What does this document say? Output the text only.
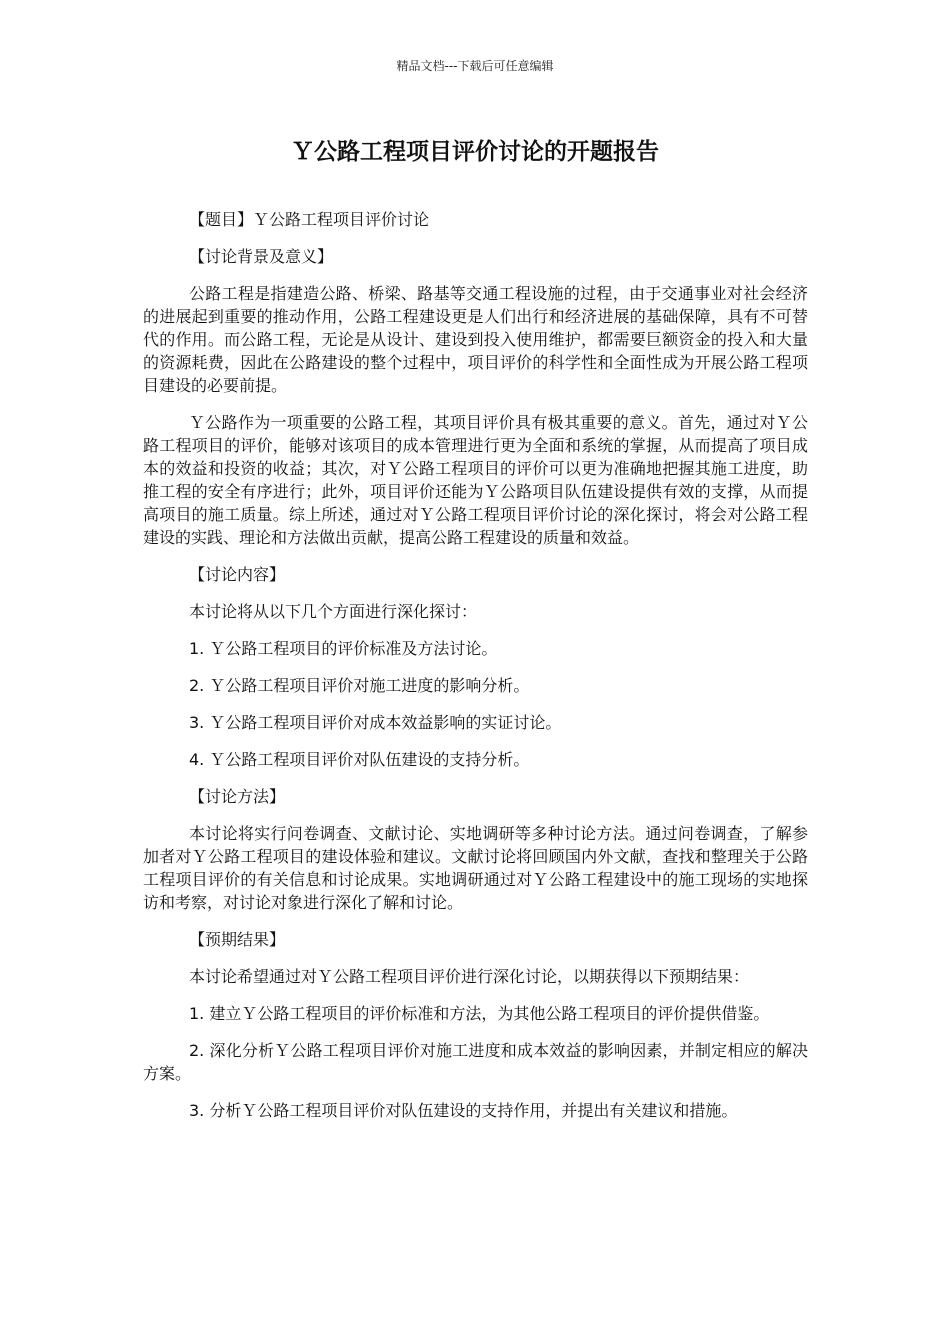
精品文档---下载后可任意编辑
Ｙ公路工程项目评价讨论的开题报告

【题目】Ｙ公路工程项目评价讨论

【讨论背景及意义】

公路工程是指建造公路、桥梁、路基等交通工程设施的过程，由于交通事业对社会经济的进展起到重要的推动作用，公路工程建设更是人们出行和经济进展的基础保障，具有不可替代的作用。而公路工程，无论是从设计、建设到投入使用维护，都需要巨额资金的投入和大量的资源耗费，因此在公路建设的整个过程中，项目评价的科学性和全面性成为开展公路工程项目建设的必要前提。

Ｙ公路作为一项重要的公路工程，其项目评价具有极其重要的意义。首先，通过对Ｙ公路工程项目的评价，能够对该项目的成本管理进行更为全面和系统的掌握，从而提高了项目成本的效益和投资的收益；其次，对Ｙ公路工程项目的评价可以更为准确地把握其施工进度，助推工程的安全有序进行；此外，项目评价还能为Ｙ公路项目队伍建设提供有效的支撑，从而提高项目的施工质量。综上所述，通过对Ｙ公路工程项目评价讨论的深化探讨，将会对公路工程建设的实践、理论和方法做出贡献，提高公路工程建设的质量和效益。

【讨论内容】

本讨论将从以下几个方面进行深化探讨：

1. Ｙ公路工程项目的评价标准及方法讨论。

2. Ｙ公路工程项目评价对施工进度的影响分析。

3. Ｙ公路工程项目评价对成本效益影响的实证讨论。

4. Ｙ公路工程项目评价对队伍建设的支持分析。

【讨论方法】

本讨论将实行问卷调查、文献讨论、实地调研等多种讨论方法。通过问卷调查，了解参加者对Ｙ公路工程项目的建设体验和建议。文献讨论将回顾国内外文献，查找和整理关于公路工程项目评价的有关信息和讨论成果。实地调研通过对Ｙ公路工程建设中的施工现场的实地探访和考察，对讨论对象进行深化了解和讨论。

【预期结果】

本讨论希望通过对Ｙ公路工程项目评价进行深化讨论，以期获得以下预期结果：

1. 建立Ｙ公路工程项目的评价标准和方法，为其他公路工程项目的评价提供借鉴。

2. 深化分析Ｙ公路工程项目评价对施工进度和成本效益的影响因素，并制定相应的解决方案。

3. 分析Ｙ公路工程项目评价对队伍建设的支持作用，并提出有关建议和措施。
